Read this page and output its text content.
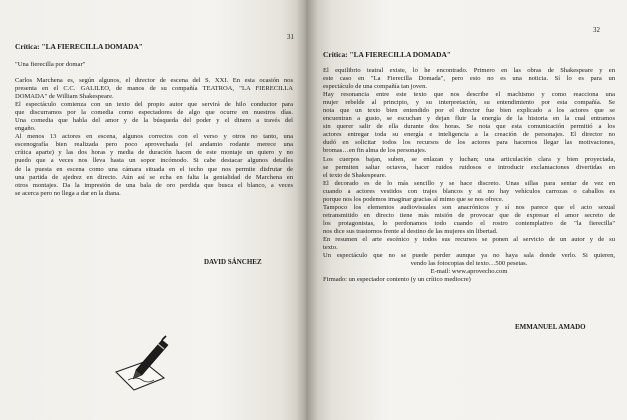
31
Crítica: "LA FIERECILLA DOMADA"
"Una fierecilla por domar"
Carlos Marchena es, según algunos, el director de escena del S. XXI. En esta ocasión nos
presenta en el C.C. GALILEO, de manos de su compañía TEATROA, "LA FIERECILLA
DOMADA" de William Shakespeare.
El espectáculo comienza con un texto del propio autor que servirá de hilo conductor para
que discurramos por la comedia como espectadores de algo que ocurre en nuestros días.
Una comedia que habla del amor y de la búsqueda del poder y el dinero a través del
engaño.
Al menos 13 actores en escena, algunos correctos con el verso y otros no tanto, una
escenografía bien realizada pero poco aprovechada (el andamio rodante merece una
crítica aparte) y las dos horas y media de duración hacen de este montaje un quiero y no
puedo que a veces nos lleva hasta un sopor incómodo. Si cabe destacar algunos detalles
de la puesta en escena como una cámara situada en el techo que nos permite disfrutar de
una partida de ajedrez en directo. Aún así se echa en falta la genialidad de Marchena en
otros montajes. Da la impresión de una bala de oro perdida que busca el blanco, a veces
se acerca pero no llega a dar en la diana.
DAVID SÁNCHEZ
32
Crítica: "LA FIERECILLA DOMADA"
El equilibrio teatral existe, lo he encontrado. Primero en las obras de Shakespeare y en
este caso en "La Fierecilla Domada", pero esto no es una noticia. Sí lo es para un
espectáculo de una compañía tan joven.
Hay resonancia entre este texto que nos describe el machismo y como reacciona una
mujer rebelde al principio, y su interpretación, su entendimiento por esta compañía. Se
nota que un texto bien entendido por el director fue bien explicado a los actores que se
encuentran a gusto, se escuchan y dejan fluir la energía de la historia en la cual entramos
sin querer salir de ella durante dos horas. Se nota que esta comunicación permitió a los
actores entregar toda su energía e inteligencia a la creación de personajes. El director no
dudó en solicitar todos los recursos de los actores para hacernos llegar las motivaciones,
bromas…en fin alma de los personajes.
Los cuerpos bajan, suben, se enlazan y luchan; una articulación clara y bien proyectada,
se permiten saltar octavos, hacer ruidos ruidosos e introducir exclamaciones divertidas en
el texto de Shakespeare.
El decorado es de lo más sencillo y se hace discreto. Unas sillas para sentar de vez en
cuando a actores vestidos con trajes blancos y si no hay vehículos carrozas o caballos es
porque nos los podemos imaginar gracias al mimo que se nos ofrece.
Tampoco los elementos audiovisuales son anacrónicos y sí nos parece que el acto sexual
retransmitido en directo tiene más misión de provocar que de expresar el amor secreto de
los protagonistas, lo perdonamos todo cuando el rostro contemplativo de "la fierecilla"
nos dice sus trastornos frente al destino de las mujeres sin libertad.
En resumen el arte escénico y todos sus recursos se ponen al servicio de un autor y de su
texto.
Un espectáculo que no se puede perder aunque ya no haya sala donde verlo. Si quieren,
vendo las fotocopias del texto…500 pesetas.
E-mail: www.aprovecho.com
Firmado: un espectador contento (y un crítico mediocre)
EMMANUEL AMADO
